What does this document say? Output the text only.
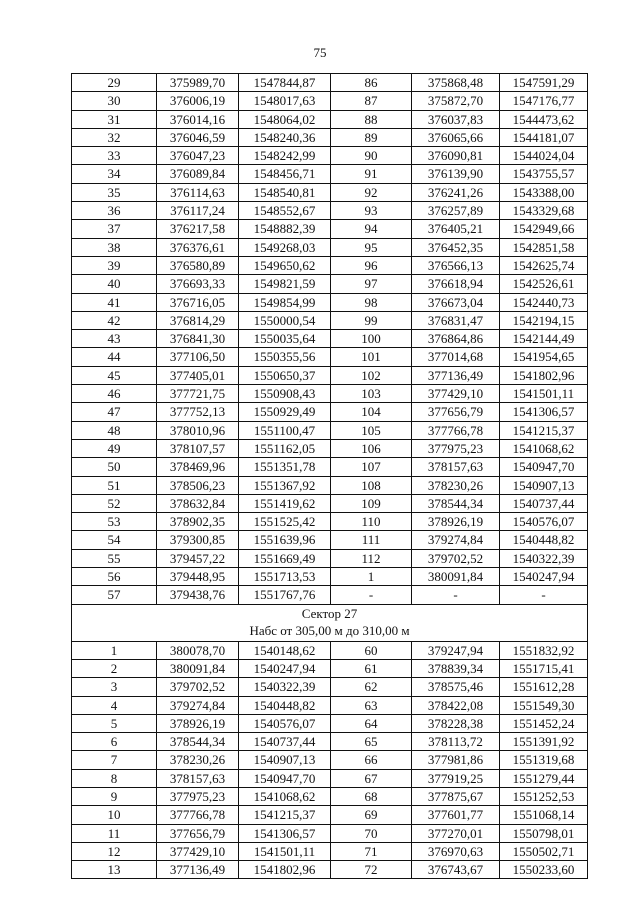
75
29	375989,70	1547844,87	86	375868,48	1547591,29
30	376006,19	1548017,63	87	375872,70	1547176,77
31	376014,16	1548064,02	88	376037,83	1544473,62
32	376046,59	1548240,36	89	376065,66	1544181,07
33	376047,23	1548242,99	90	376090,81	1544024,04
34	376089,84	1548456,71	91	376139,90	1543755,57
35	376114,63	1548540,81	92	376241,26	1543388,00
36	376117,24	1548552,67	93	376257,89	1543329,68
37	376217,58	1548882,39	94	376405,21	1542949,66
38	376376,61	1549268,03	95	376452,35	1542851,58
39	376580,89	1549650,62	96	376566,13	1542625,74
40	376693,33	1549821,59	97	376618,94	1542526,61
41	376716,05	1549854,99	98	376673,04	1542440,73
42	376814,29	1550000,54	99	376831,47	1542194,15
43	376841,30	1550035,64	100	376864,86	1542144,49
44	377106,50	1550355,56	101	377014,68	1541954,65
45	377405,01	1550650,37	102	377136,49	1541802,96
46	377721,75	1550908,43	103	377429,10	1541501,11
47	377752,13	1550929,49	104	377656,79	1541306,57
48	378010,96	1551100,47	105	377766,78	1541215,37
49	378107,57	1551162,05	106	377975,23	1541068,62
50	378469,96	1551351,78	107	378157,63	1540947,70
51	378506,23	1551367,92	108	378230,26	1540907,13
52	378632,84	1551419,62	109	378544,34	1540737,44
53	378902,35	1551525,42	110	378926,19	1540576,07
54	379300,85	1551639,96	111	379274,84	1540448,82
55	379457,22	1551669,49	112	379702,52	1540322,39
56	379448,95	1551713,53	1	380091,84	1540247,94
57	379438,76	1551767,76	-	-	-

Сектор 27
Набс от 305,00 м до 310,00 м					

1	380078,70	1540148,62	60	379247,94	1551832,92
2	380091,84	1540247,94	61	378839,34	1551715,41
3	379702,52	1540322,39	62	378575,46	1551612,28
4	379274,84	1540448,82	63	378422,08	1551549,30
5	378926,19	1540576,07	64	378228,38	1551452,24
6	378544,34	1540737,44	65	378113,72	1551391,92
7	378230,26	1540907,13	66	377981,86	1551319,68
8	378157,63	1540947,70	67	377919,25	1551279,44
9	377975,23	1541068,62	68	377875,67	1551252,53
10	377766,78	1541215,37	69	377601,77	1551068,14
11	377656,79	1541306,57	70	377270,01	1550798,01
12	377429,10	1541501,11	71	376970,63	1550502,71
13	377136,49	1541802,96	72	376743,67	1550233,60
